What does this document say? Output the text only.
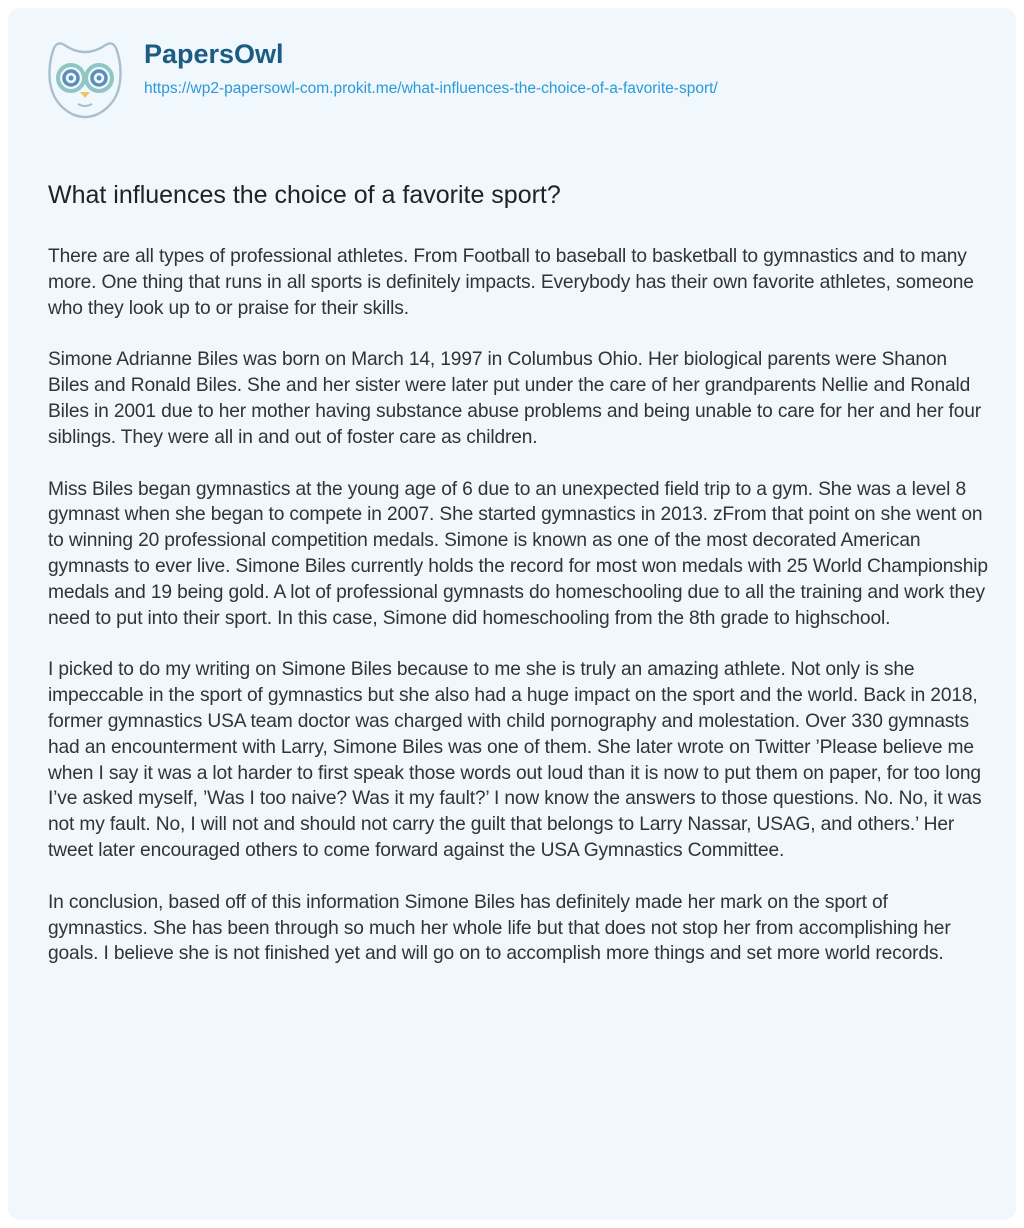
PapersOwl
https://wp2-papersowl-com.prokit.me/what-influences-the-choice-of-a-favorite-sport/
What influences the choice of a favorite sport?

There are all types of professional athletes. From Football to baseball to basketball to gymnastics and to many more. One thing that runs in all sports is definitely impacts. Everybody has their own favorite athletes, someone who they look up to or praise for their skills.

Simone Adrianne Biles was born on March 14, 1997 in Columbus Ohio. Her biological parents were Shanon Biles and Ronald Biles. She and her sister were later put under the care of her grandparents Nellie and Ronald Biles in 2001 due to her mother having substance abuse problems and being unable to care for her and her four siblings. They were all in and out of foster care as children.

Miss Biles began gymnastics at the young age of 6 due to an unexpected field trip to a gym. She was a level 8 gymnast when she began to compete in 2007. She started gymnastics in 2013. zFrom that point on she went on to winning 20 professional competition medals. Simone is known as one of the most decorated American gymnasts to ever live. Simone Biles currently holds the record for most won medals with 25 World Championship medals and 19 being gold. A lot of professional gymnasts do homeschooling due to all the training and work they need to put into their sport. In this case, Simone did homeschooling from the 8th grade to highschool.

I picked to do my writing on Simone Biles because to me she is truly an amazing athlete. Not only is she impeccable in the sport of gymnastics but she also had a huge impact on the sport and the world. Back in 2018, former gymnastics USA team doctor was charged with child pornography and molestation. Over 330 gymnasts had an encounterment with Larry, Simone Biles was one of them. She later wrote on Twitter ’Please believe me when I say it was a lot harder to first speak those words out loud than it is now to put them on paper, for too long I’ve asked myself, ’Was I too naive? Was it my fault?’ I now know the answers to those questions. No. No, it was not my fault. No, I will not and should not carry the guilt that belongs to Larry Nassar, USAG, and others.’ Her tweet later encouraged others to come forward against the USA Gymnastics Committee.

In conclusion, based off of this information Simone Biles has definitely made her mark on the sport of gymnastics. She has been through so much her whole life but that does not stop her from accomplishing her goals. I believe she is not finished yet and will go on to accomplish more things and set more world records.
